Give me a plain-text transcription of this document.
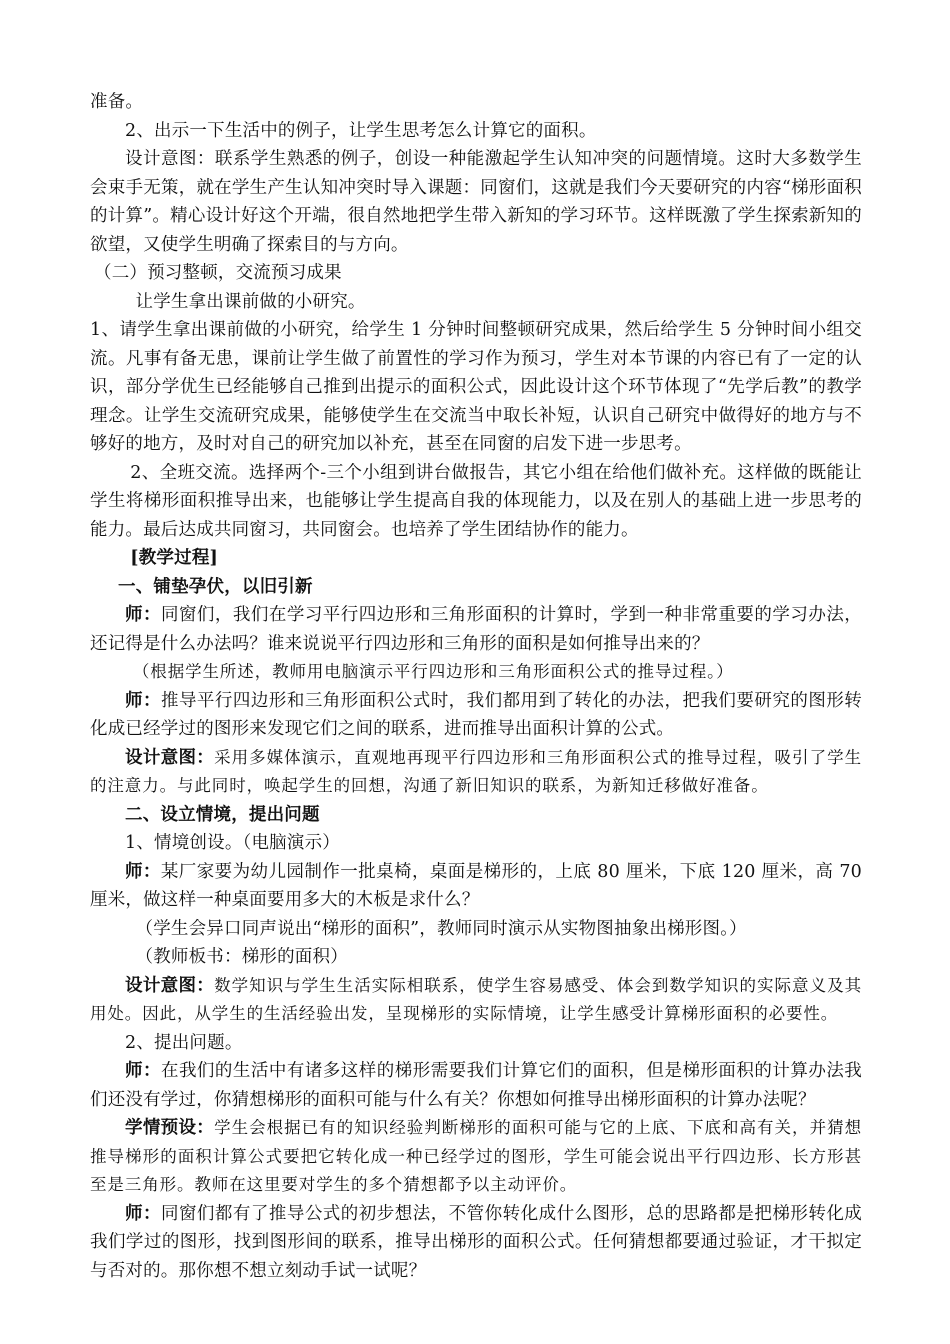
准备。

2、出示一下生活中的例子，让学生思考怎么计算它的面积。

设计意图：联系学生熟悉的例子，创设一种能激起学生认知冲突的问题情境。这时大多数学生会束手无策，就在学生产生认知冲突时导入课题：同窗们，这就是我们今天要研究的内容“梯形面积的计算”。精心设计好这个开端，很自然地把学生带入新知的学习环节。这样既激了学生探索新知的欲望，又使学生明确了探索目的与方向。

（二）预习整顿，交流预习成果

让学生拿出课前做的小研究。

1、请学生拿出课前做的小研究，给学生 1 分钟时间整顿研究成果，然后给学生 5 分钟时间小组交流。凡事有备无患，课前让学生做了前置性的学习作为预习，学生对本节课的内容已有了一定的认识，部分学优生已经能够自己推到出提示的面积公式，因此设计这个环节体现了“先学后教”的教学理念。让学生交流研究成果，能够使学生在交流当中取长补短，认识自己研究中做得好的地方与不够好的地方，及时对自己的研究加以补充，甚至在同窗的启发下进一步思考。

2、全班交流。选择两个-三个小组到讲台做报告，其它小组在给他们做补充。这样做的既能让学生将梯形面积推导出来，也能够让学生提高自我的体现能力，以及在别人的基础上进一步思考的能力。最后达成共同窗习，共同窗会。也培养了学生团结协作的能力。

[教学过程]

一、铺垫孕伏，以旧引新

师：同窗们，我们在学习平行四边形和三角形面积的计算时，学到一种非常重要的学习办法，还记得是什么办法吗？谁来说说平行四边形和三角形的面积是如何推导出来的？

（根据学生所述，教师用电脑演示平行四边形和三角形面积公式的推导过程。）

师：推导平行四边形和三角形面积公式时，我们都用到了转化的办法，把我们要研究的图形转化成已经学过的图形来发现它们之间的联系，进而推导出面积计算的公式。

设计意图：采用多媒体演示，直观地再现平行四边形和三角形面积公式的推导过程，吸引了学生的注意力。与此同时，唤起学生的回想，沟通了新旧知识的联系，为新知迁移做好准备。

二、设立情境，提出问题

1、情境创设。（电脑演示）

师：某厂家要为幼儿园制作一批桌椅，桌面是梯形的，上底 80 厘米，下底 120 厘米，高 70 厘米，做这样一种桌面要用多大的木板是求什么？

（学生会异口同声说出“梯形的面积”，教师同时演示从实物图抽象出梯形图。）

（教师板书：梯形的面积）

设计意图：数学知识与学生生活实际相联系，使学生容易感受、体会到数学知识的实际意义及其用处。因此，从学生的生活经验出发，呈现梯形的实际情境，让学生感受计算梯形面积的必要性。

2、提出问题。

师：在我们的生活中有诸多这样的梯形需要我们计算它们的面积，但是梯形面积的计算办法我们还没有学过，你猜想梯形的面积可能与什么有关？你想如何推导出梯形面积的计算办法呢？

学情预设：学生会根据已有的知识经验判断梯形的面积可能与它的上底、下底和高有关，并猜想推导梯形的面积计算公式要把它转化成一种已经学过的图形，学生可能会说出平行四边形、长方形甚至是三角形。教师在这里要对学生的多个猜想都予以主动评价。

师：同窗们都有了推导公式的初步想法，不管你转化成什么图形，总的思路都是把梯形转化成我们学过的图形，找到图形间的联系，推导出梯形的面积公式。任何猜想都要通过验证，才干拟定与否对的。那你想不想立刻动手试一试呢？
